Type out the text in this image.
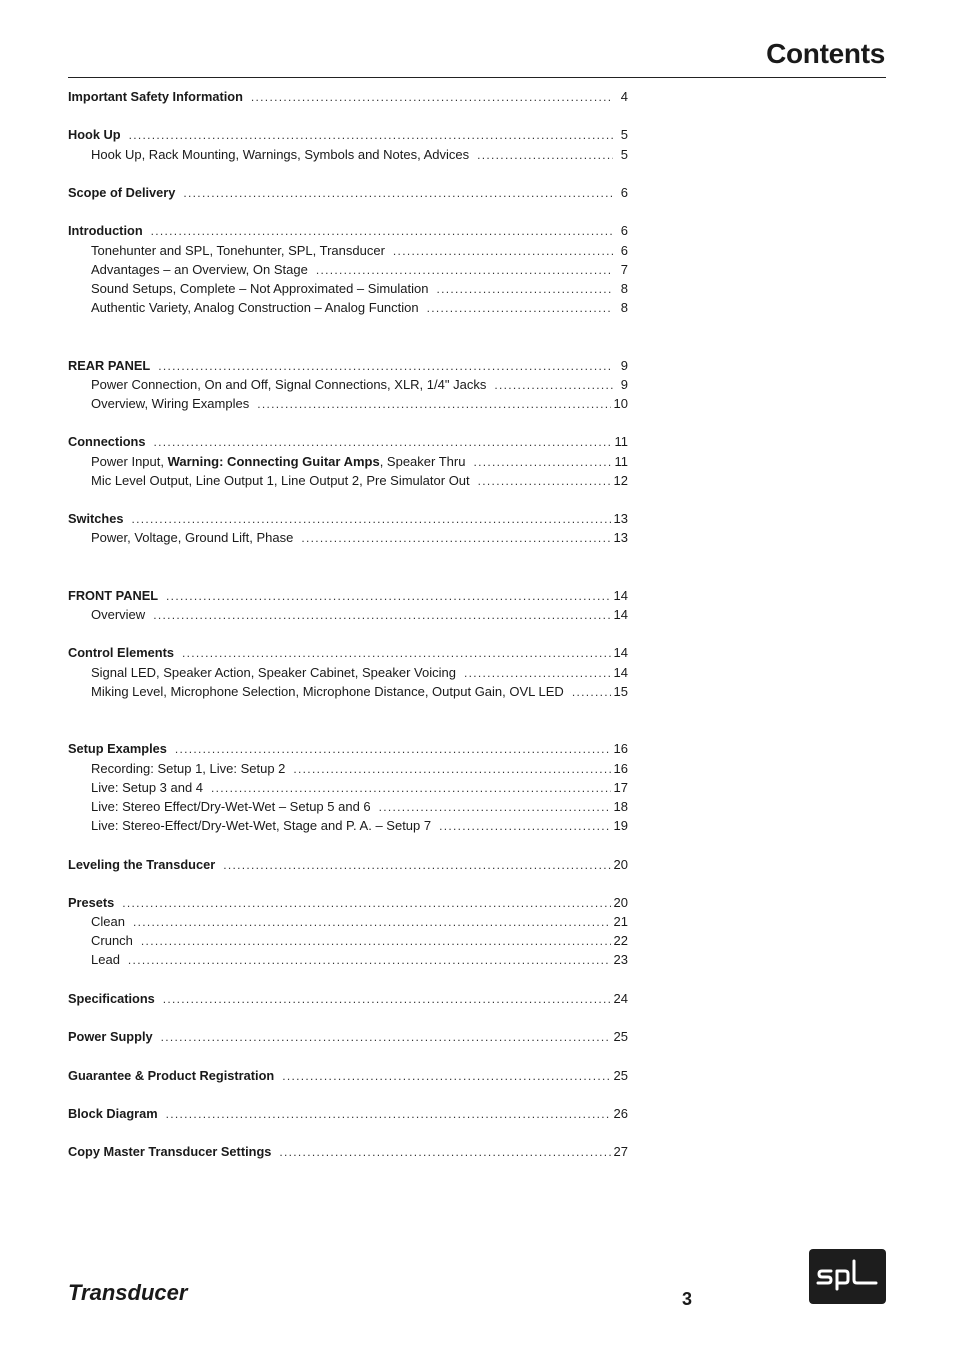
Contents
Important Safety Information .....	4
Hook Up .....	5
Hook Up, Rack Mounting, Warnings, Symbols and Notes, Advices .....	5
Scope of Delivery .....	6
Introduction .....	6
Tonehunter and SPL, Tonehunter, SPL, Transducer .....	6
Advantages – an Overview, On Stage .....	7
Sound Setups, Complete – Not Approximated – Simulation .....	8
Authentic Variety, Analog Construction – Analog Function .....	8
REAR PANEL .....	9
Power Connection, On and Off, Signal Connections, XLR, 1/4" Jacks .....	9
Overview, Wiring Examples .....	10
Connections .....	11
Power Input, Warning: Connecting Guitar Amps, Speaker Thru .....	11
Mic Level Output, Line Output 1, Line Output 2, Pre Simulator Out .....	12
Switches .....	13
Power, Voltage, Ground Lift, Phase .....	13
FRONT PANEL .....	14
Overview .....	14
Control Elements .....	14
Signal LED, Speaker Action, Speaker Cabinet, Speaker Voicing .....	14
Miking Level, Microphone Selection, Microphone Distance, Output Gain, OVL LED .....	15
Setup Examples .....	16
Recording: Setup 1, Live: Setup 2 .....	16
Live: Setup 3 and 4 .....	17
Live: Stereo Effect/Dry-Wet-Wet – Setup 5 and 6 .....	18
Live: Stereo-Effect/Dry-Wet-Wet, Stage and P. A. – Setup 7 .....	19
Leveling the Transducer .....	20
Presets .....	20
Clean .....	21
Crunch .....	22
Lead .....	23
Specifications .....	24
Power Supply .....	25
Guarantee & Product Registration .....	25
Block Diagram .....	26
Copy Master Transducer Settings .....	27
Transducer	3
